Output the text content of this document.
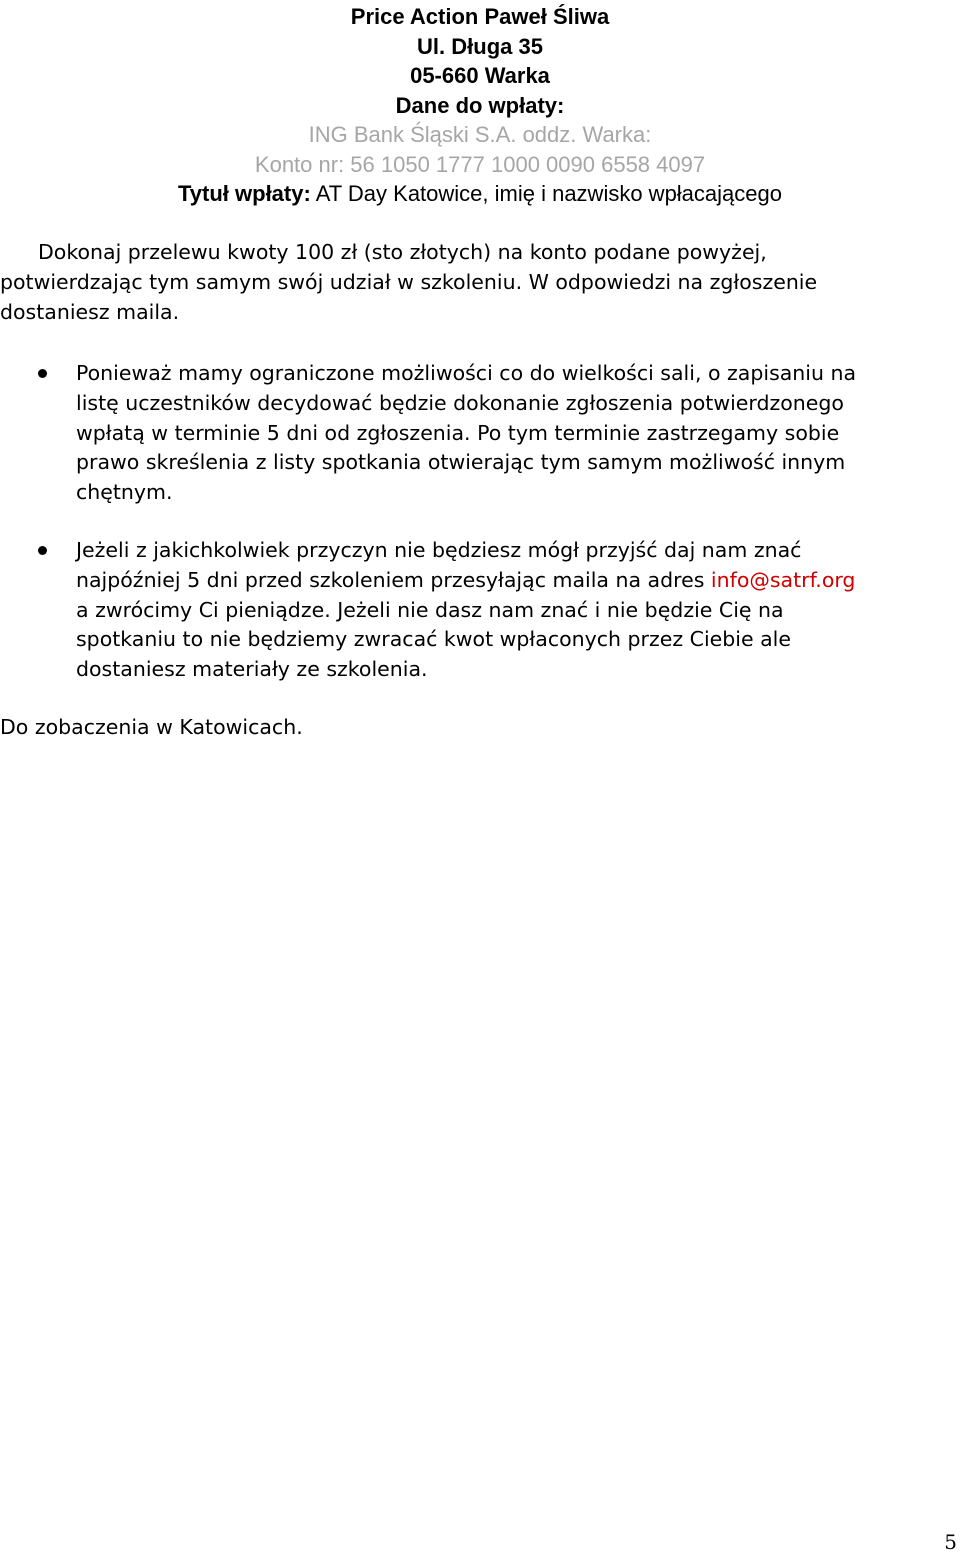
Price Action Paweł Śliwa
Ul. Długa 35
05-660 Warka
Dane do wpłaty:
ING Bank Śląski S.A. oddz. Warka:
Konto nr: 56 1050 1777 1000 0090 6558 4097
Tytuł wpłaty: AT Day Katowice, imię i nazwisko wpłacającego
Dokonaj przelewu kwoty 100 zł (sto złotych) na konto podane powyżej,
potwierdzając tym samym swój udział w szkoleniu. W odpowiedzi na zgłoszenie
dostaniesz maila.
Ponieważ mamy ograniczone możliwości co do wielkości sali, o zapisaniu na
listę uczestników decydować będzie dokonanie zgłoszenia potwierdzonego
wpłatą w terminie 5 dni od zgłoszenia. Po tym terminie zastrzegamy sobie
prawo skreślenia z listy spotkania otwierając tym samym możliwość innym
chętnym.
Jeżeli z jakichkolwiek przyczyn nie będziesz mógł przyjść daj nam znać
najpóźniej 5 dni przed szkoleniem przesyłając maila na adres info@satrf.org
a zwrócimy Ci pieniądze. Jeżeli nie dasz nam znać i nie będzie Cię na
spotkaniu to nie będziemy zwracać kwot wpłaconych przez Ciebie ale
dostaniesz materiały ze szkolenia.
Do zobaczenia w Katowicach.
5
